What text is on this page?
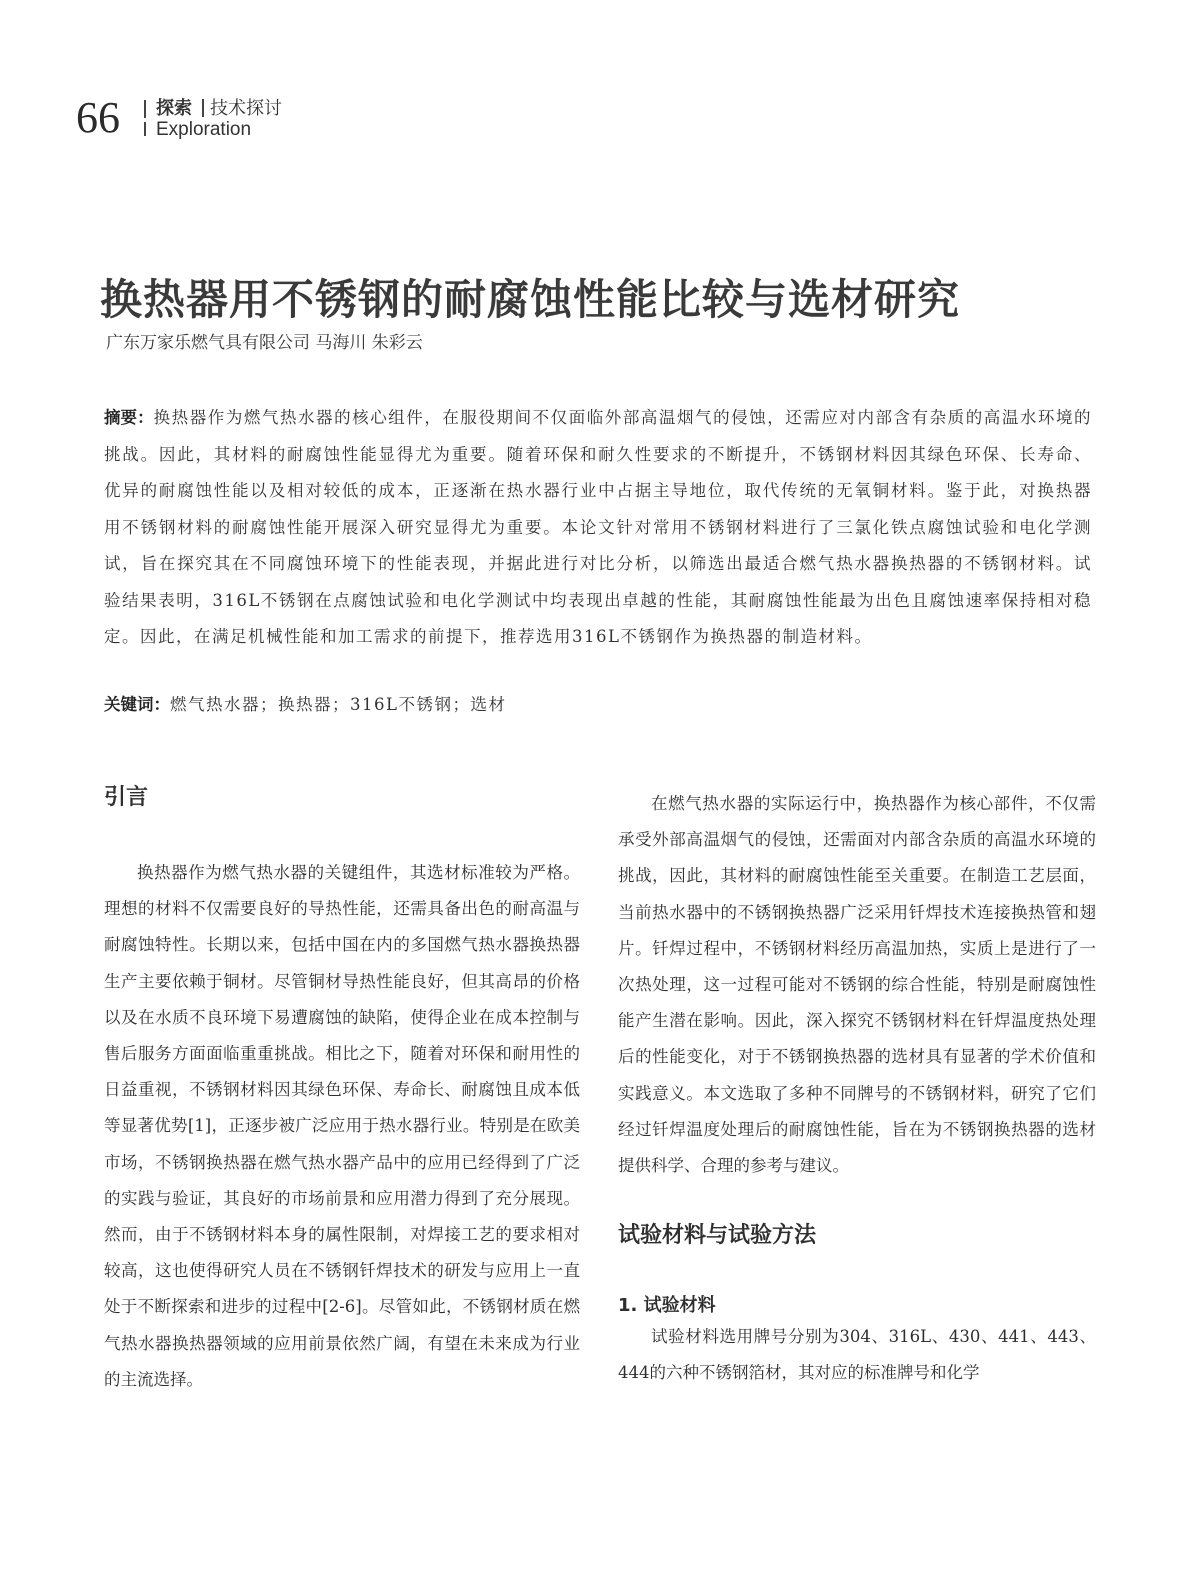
66 探索 技术探讨
Exploration
换热器用不锈钢的耐腐蚀性能比较与选材研究
广东万家乐燃气具有限公司 马海川 朱彩云
摘要：换热器作为燃气热水器的核心组件，在服役期间不仅面临外部高温烟气的侵蚀，还需应对内部含有杂质的高温水环境的挑战。因此，其材料的耐腐蚀性能显得尤为重要。随着环保和耐久性要求的不断提升，不锈钢材料因其绿色环保、长寿命、优异的耐腐蚀性能以及相对较低的成本，正逐渐在热水器行业中占据主导地位，取代传统的无氧铜材料。鉴于此，对换热器用不锈钢材料的耐腐蚀性能开展深入研究显得尤为重要。本论文针对常用不锈钢材料进行了三氯化铁点腐蚀试验和电化学测试，旨在探究其在不同腐蚀环境下的性能表现，并据此进行对比分析，以筛选出最适合燃气热水器换热器的不锈钢材料。试验结果表明，316L不锈钢在点腐蚀试验和电化学测试中均表现出卓越的性能，其耐腐蚀性能最为出色且腐蚀速率保持相对稳定。因此，在满足机械性能和加工需求的前提下，推荐选用316L不锈钢作为换热器的制造材料。
关键词：燃气热水器；换热器；316L不锈钢；选材
引言

换热器作为燃气热水器的关键组件，其选材标准较为严格。理想的材料不仅需要良好的导热性能，还需具备出色的耐高温与耐腐蚀特性。长期以来，包括中国在内的多国燃气热水器换热器生产主要依赖于铜材。尽管铜材导热性能良好，但其高昂的价格以及在水质不良环境下易遭腐蚀的缺陷，使得企业在成本控制与售后服务方面面临重重挑战。相比之下，随着对环保和耐用性的日益重视，不锈钢材料因其绿色环保、寿命长、耐腐蚀且成本低等显著优势[1]，正逐步被广泛应用于热水器行业。特别是在欧美市场，不锈钢换热器在燃气热水器产品中的应用已经得到了广泛的实践与验证，其良好的市场前景和应用潜力得到了充分展现。然而，由于不锈钢材料本身的属性限制，对焊接工艺的要求相对较高，这也使得研究人员在不锈钢钎焊技术的研发与应用上一直处于不断探索和进步的过程中[2-6]。尽管如此，不锈钢材质在燃气热水器换热器领域的应用前景依然广阔，有望在未来成为行业的主流选择。

在燃气热水器的实际运行中，换热器作为核心部件，不仅需承受外部高温烟气的侵蚀，还需面对内部含杂质的高温水环境的挑战，因此，其材料的耐腐蚀性能至关重要。在制造工艺层面，当前热水器中的不锈钢换热器广泛采用钎焊技术连接换热管和翅片。钎焊过程中，不锈钢材料经历高温加热，实质上是进行了一次热处理，这一过程可能对不锈钢的综合性能，特别是耐腐蚀性能产生潜在影响。因此，深入探究不锈钢材料在钎焊温度热处理后的性能变化，对于不锈钢换热器的选材具有显著的学术价值和实践意义。本文选取了多种不同牌号的不锈钢材料，研究了它们经过钎焊温度处理后的耐腐蚀性能，旨在为不锈钢换热器的选材提供科学、合理的参考与建议。

试验材料与试验方法
1. 试验材料

试验材料选用牌号分别为304、316L、430、441、443、444的六种不锈钢箔材，其对应的标准牌号和化学
